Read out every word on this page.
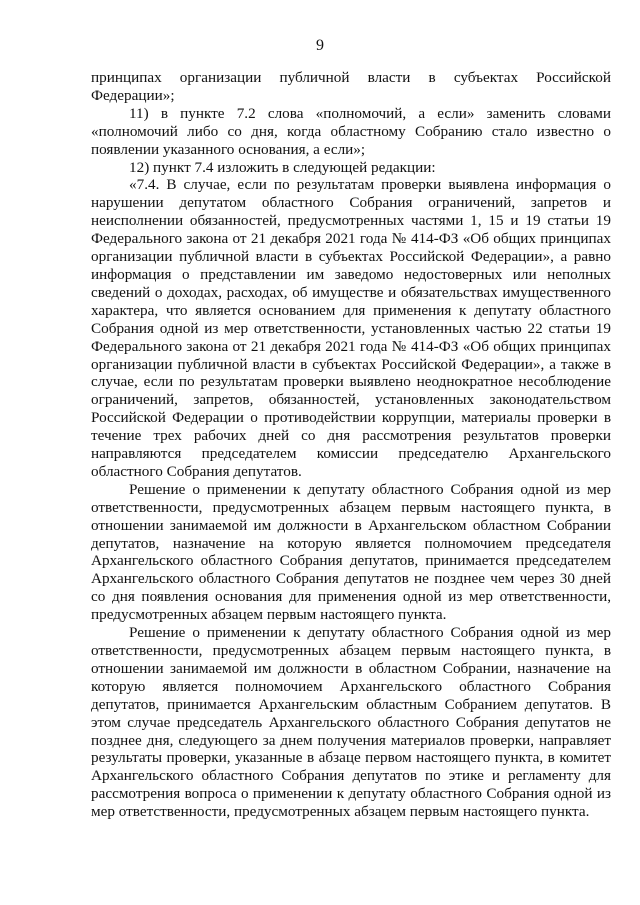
9

принципах организации публичной власти в субъектах Российской Федерации»;

11) в пункте 7.2 слова «полномочий, а если» заменить словами «полномочий либо со дня, когда областному Собранию стало известно о появлении указанного основания, а если»;

12) пункт 7.4 изложить в следующей редакции:

«7.4. В случае, если по результатам проверки выявлена информация о нарушении депутатом областного Собрания ограничений, запретов и неисполнении обязанностей, предусмотренных частями 1, 15 и 19 статьи 19 Федерального закона от 21 декабря 2021 года № 414-ФЗ «Об общих принципах организации публичной власти в субъектах Российской Федерации», а равно информация о представлении им заведомо недостоверных или неполных сведений о доходах, расходах, об имуществе и обязательствах имущественного характера, что является основанием для применения к депутату областного Собрания одной из мер ответственности, установленных частью 22 статьи 19 Федерального закона от 21 декабря 2021 года № 414-ФЗ «Об общих принципах организации публичной власти в субъектах Российской Федерации», а также в случае, если по результатам проверки выявлено неоднократное несоблюдение ограничений, запретов, обязанностей, установленных законодательством Российской Федерации о противодействии коррупции, материалы проверки в течение трех рабочих дней со дня рассмотрения результатов проверки направляются председателем комиссии председателю Архангельского областного Собрания депутатов.

Решение о применении к депутату областного Собрания одной из мер ответственности, предусмотренных абзацем первым настоящего пункта, в отношении занимаемой им должности в Архангельском областном Собрании депутатов, назначение на которую является полномочием председателя Архангельского областного Собрания депутатов, принимается председателем Архангельского областного Собрания депутатов не позднее чем через 30 дней со дня появления основания для применения одной из мер ответственности, предусмотренных абзацем первым настоящего пункта.

Решение о применении к депутату областного Собрания одной из мер ответственности, предусмотренных абзацем первым настоящего пункта, в отношении занимаемой им должности в областном Собрании, назначение на которую является полномочием Архангельского областного Собрания депутатов, принимается Архангельским областным Собранием депутатов. В этом случае председатель Архангельского областного Собрания депутатов не позднее дня, следующего за днем получения материалов проверки, направляет результаты проверки, указанные в абзаце первом настоящего пункта, в комитет Архангельского областного Собрания депутатов по этике и регламенту для рассмотрения вопроса о применении к депутату областного Собрания одной из мер ответственности, предусмотренных абзацем первым настоящего пункта.
